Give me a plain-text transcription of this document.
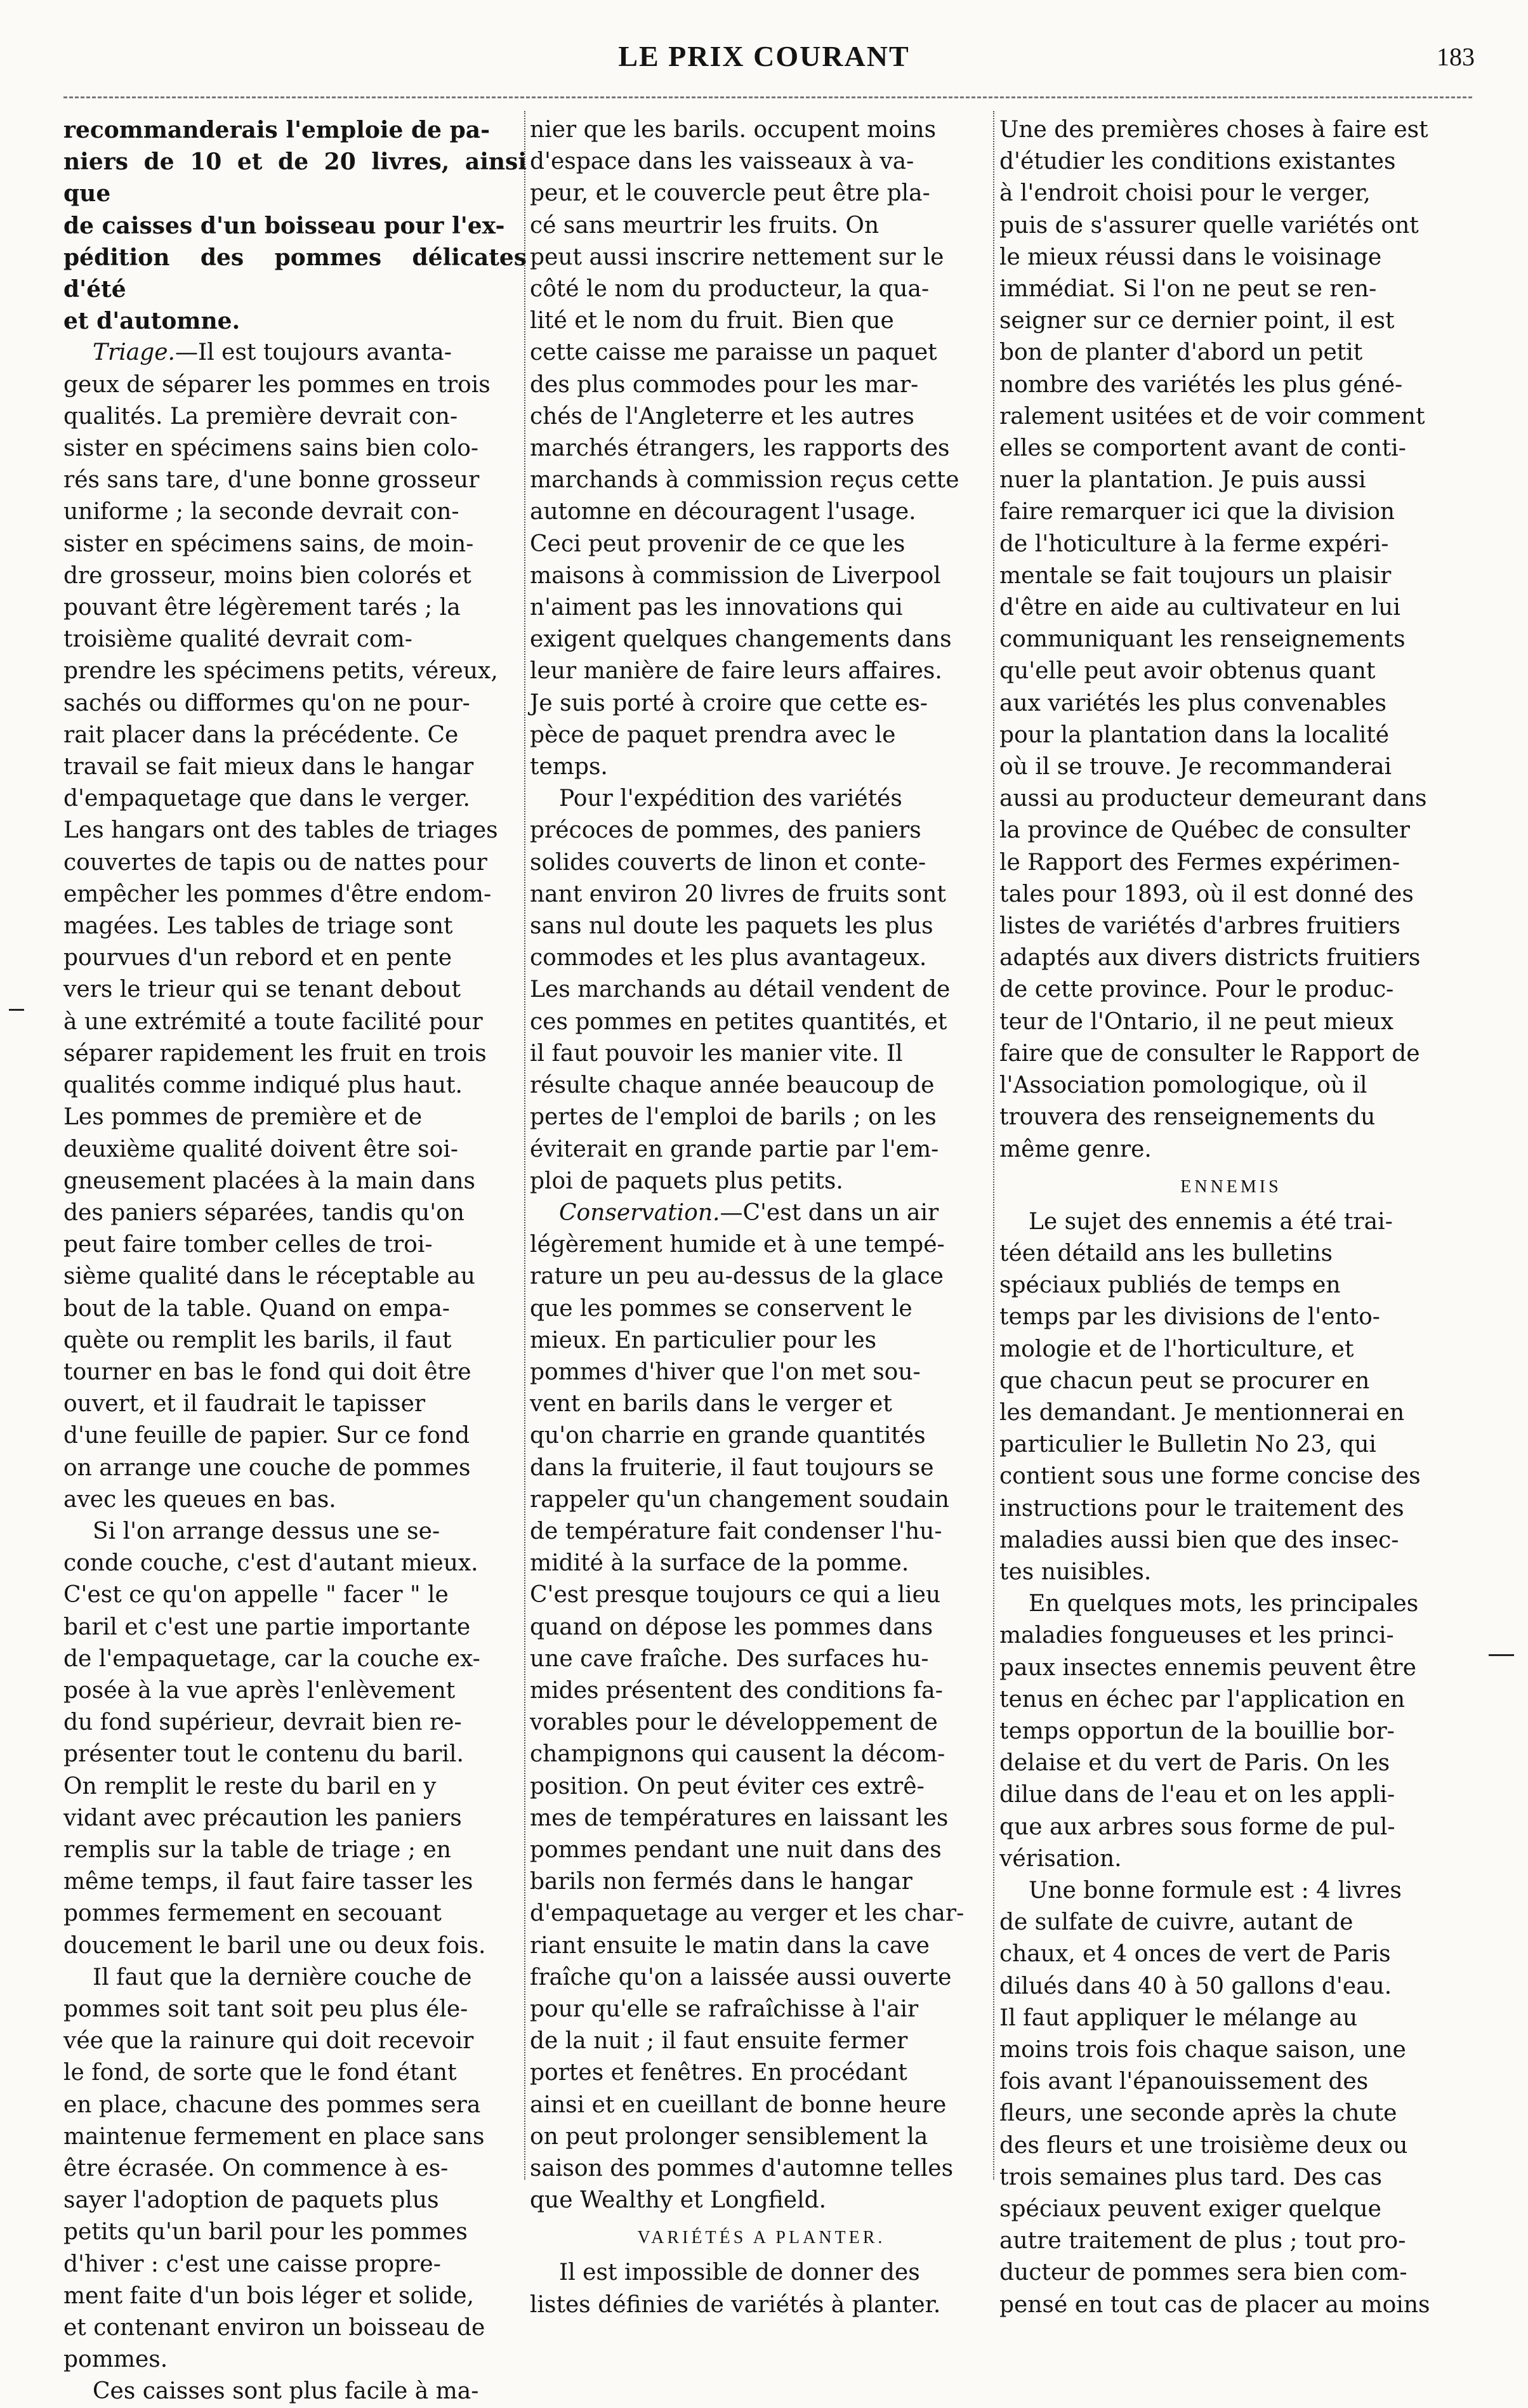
LE PRIX COURANT	183

recommanderais l'emploie de pa-
niers de 10 et de 20 livres, ainsi que
de caisses d'un boisseau pour l'ex-
pédition des pommes délicates d'été
et d'automne.

Triage.—Il est toujours avanta-
geux de séparer les pommes en trois
qualités. La première devrait con-
sister en spécimens sains bien colo-
rés sans tare, d'une bonne grosseur
uniforme ; la seconde devrait con-
sister en spécimens sains, de moin-
dre grosseur, moins bien colorés et
pouvant être légèrement tarés ; la
troisième qualité devrait com-
prendre les spécimens petits, véreux,
sachés ou difformes qu'on ne pour-
rait placer dans la précédente. Ce
travail se fait mieux dans le hangar
d'empaquetage que dans le verger.
Les hangars ont des tables de triages
couvertes de tapis ou de nattes pour
empêcher les pommes d'être endom-
magées. Les tables de triage sont
pourvues d'un rebord et en pente
vers le trieur qui se tenant debout
à une extrémité a toute facilité pour
séparer rapidement les fruit en trois
qualités comme indiqué plus haut.
Les pommes de première et de
deuxième qualité doivent être soi-
gneusement placées à la main dans
des paniers séparées, tandis qu'on
peut faire tomber celles de troi-
sième qualité dans le réceptable au
bout de la table. Quand on empa-
quète ou remplit les barils, il faut
tourner en bas le fond qui doit être
ouvert, et il faudrait le tapisser
d'une feuille de papier. Sur ce fond
on arrange une couche de pommes
avec les queues en bas.

Si l'on arrange dessus une se-
conde couche, c'est d'autant mieux.
C'est ce qu'on appelle " facer " le
baril et c'est une partie importante
de l'empaquetage, car la couche ex-
posée à la vue après l'enlèvement
du fond supérieur, devrait bien re-
présenter tout le contenu du baril.
On remplit le reste du baril en y
vidant avec précaution les paniers
remplis sur la table de triage ; en
même temps, il faut faire tasser les
pommes fermement en secouant
doucement le baril une ou deux fois.

Il faut que la dernière couche de
pommes soit tant soit peu plus éle-
vée que la rainure qui doit recevoir
le fond, de sorte que le fond étant
en place, chacune des pommes sera
maintenue fermement en place sans
être écrasée. On commence à es-
sayer l'adoption de paquets plus
petits qu'un baril pour les pommes
d'hiver : c'est une caisse propre-
ment faite d'un bois léger et solide,
et contenant environ un boisseau de
pommes.

Ces caisses sont plus facile à ma-

nier que les barils. occupent moins
d'espace dans les vaisseaux à va-
peur, et le couvercle peut être pla-
cé sans meurtrir les fruits. On
peut aussi inscrire nettement sur le
côté le nom du producteur, la qua-
lité et le nom du fruit. Bien que
cette caisse me paraisse un paquet
des plus commodes pour les mar-
chés de l'Angleterre et les autres
marchés étrangers, les rapports des
marchands à commission reçus cette
automne en découragent l'usage.
Ceci peut provenir de ce que les
maisons à commission de Liverpool
n'aiment pas les innovations qui
exigent quelques changements dans
leur manière de faire leurs affaires.
Je suis porté à croire que cette es-
pèce de paquet prendra avec le
temps.

Pour l'expédition des variétés
précoces de pommes, des paniers
solides couverts de linon et conte-
nant environ 20 livres de fruits sont
sans nul doute les paquets les plus
commodes et les plus avantageux.
Les marchands au détail vendent de
ces pommes en petites quantités, et
il faut pouvoir les manier vite. Il
résulte chaque année beaucoup de
pertes de l'emploi de barils ; on les
éviterait en grande partie par l'em-
ploi de paquets plus petits.

Conservation.—C'est dans un air
légèrement humide et à une tempé-
rature un peu au-dessus de la glace
que les pommes se conservent le
mieux. En particulier pour les
pommes d'hiver que l'on met sou-
vent en barils dans le verger et
qu'on charrie en grande quantités
dans la fruiterie, il faut toujours se
rappeler qu'un changement soudain
de température fait condenser l'hu-
midité à la surface de la pomme.
C'est presque toujours ce qui a lieu
quand on dépose les pommes dans
une cave fraîche. Des surfaces hu-
mides présentent des conditions fa-
vorables pour le développement de
champignons qui causent la décom-
position. On peut éviter ces extrê-
mes de températures en laissant les
pommes pendant une nuit dans des
barils non fermés dans le hangar
d'empaquetage au verger et les char-
riant ensuite le matin dans la cave
fraîche qu'on a laissée aussi ouverte
pour qu'elle se rafraîchisse à l'air
de la nuit ; il faut ensuite fermer
portes et fenêtres. En procédant
ainsi et en cueillant de bonne heure
on peut prolonger sensiblement la
saison des pommes d'automne telles
que Wealthy et Longfield.

VARIÉTÉS A PLANTER.

Il est impossible de donner des
listes définies de variétés à planter.

Une des premières choses à faire est
d'étudier les conditions existantes
à l'endroit choisi pour le verger,
puis de s'assurer quelle variétés ont
le mieux réussi dans le voisinage
immédiat. Si l'on ne peut se ren-
seigner sur ce dernier point, il est
bon de planter d'abord un petit
nombre des variétés les plus géné-
ralement usitées et de voir comment
elles se comportent avant de conti-
nuer la plantation. Je puis aussi
faire remarquer ici que la division
de l'hoticulture à la ferme expéri-
mentale se fait toujours un plaisir
d'être en aide au cultivateur en lui
communiquant les renseignements
qu'elle peut avoir obtenus quant
aux variétés les plus convenables
pour la plantation dans la localité
où il se trouve. Je recommanderai
aussi au producteur demeurant dans
la province de Québec de consulter
le Rapport des Fermes expérimen-
tales pour 1893, où il est donné des
listes de variétés d'arbres fruitiers
adaptés aux divers districts fruitiers
de cette province. Pour le produc-
teur de l'Ontario, il ne peut mieux
faire que de consulter le Rapport de
l'Association pomologique, où il
trouvera des renseignements du
même genre.

ENNEMIS

Le sujet des ennemis a été trai-
téen détaild ans les bulletins
spéciaux publiés de temps en
temps par les divisions de l'ento-
mologie et de l'horticulture, et
que chacun peut se procurer en
les demandant. Je mentionnerai en
particulier le Bulletin No 23, qui
contient sous une forme concise des
instructions pour le traitement des
maladies aussi bien que des insec-
tes nuisibles.

En quelques mots, les principales
maladies fongueuses et les princi-
paux insectes ennemis peuvent être
tenus en échec par l'application en
temps opportun de la bouillie bor-
delaise et du vert de Paris. On les
dilue dans de l'eau et on les appli-
que aux arbres sous forme de pul-
vérisation.

Une bonne formule est : 4 livres
de sulfate de cuivre, autant de
chaux, et 4 onces de vert de Paris
dilués dans 40 à 50 gallons d'eau.
Il faut appliquer le mélange au
moins trois fois chaque saison, une
fois avant l'épanouissement des
fleurs, une seconde après la chute
des fleurs et une troisième deux ou
trois semaines plus tard. Des cas
spéciaux peuvent exiger quelque
autre traitement de plus ; tout pro-
ducteur de pommes sera bien com-
pensé en tout cas de placer au moins
